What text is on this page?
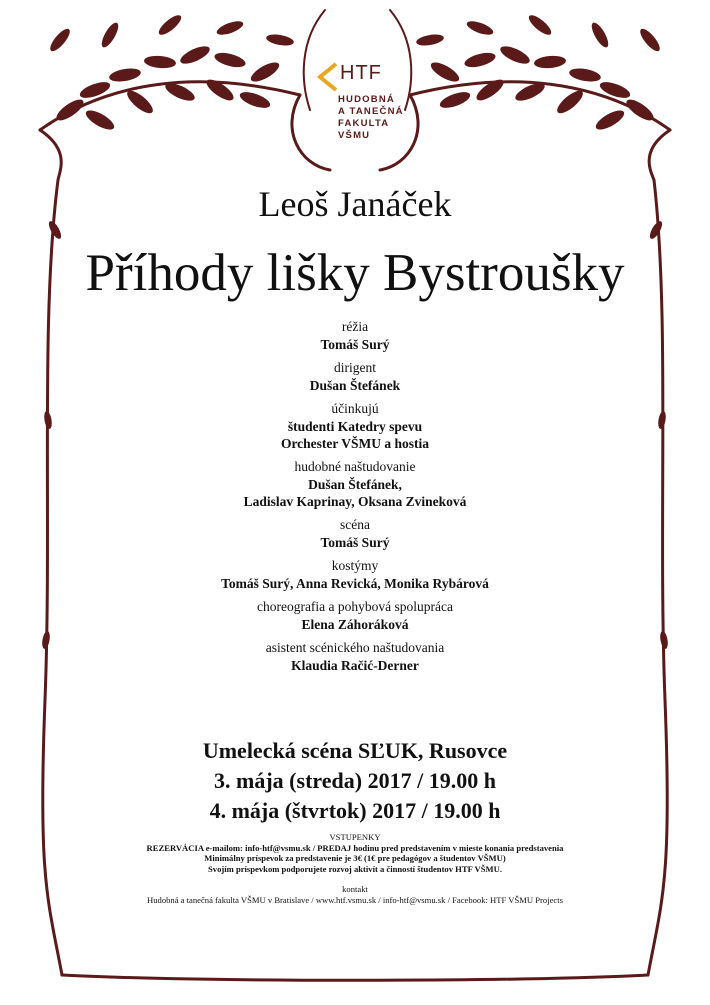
HTF
HUDOBNÁ
A TANEČNÁ
FAKULTA
VŠMU
Leoš Janáček
Příhody lišky Bystroušky
réžia
Tomáš Surý
dirigent
Dušan Štefánek
účinkujú
študenti Katedry spevu
Orchester VŠMU a hostia
hudobné naštudovanie
Dušan Štefánek,
Ladislav Kaprinay, Oksana Zvineková
scéna
Tomáš Surý
kostýmy
Tomáš Surý, Anna Revická, Monika Rybárová
choreografia a pohybová spolupráca
Elena Záhoráková
asistent scénického naštudovania
Klaudia Račić-Derner
Umelecká scéna SĽUK, Rusovce
3. mája (streda) 2017 / 19.00 h
4. mája (štvrtok) 2017 / 19.00 h
VSTUPENKY
REZERVÁCIA e-mailom: info-htf@vsmu.sk / PREDAJ hodinu pred predstavením v mieste konania predstavenia
Minimálny príspevok za predstavenie je 3€ (1€ pre pedagógov a študentov VŠMU)
Svojím príspevkom podporujete rozvoj aktivít a činností študentov HTF VŠMU.
kontakt
Hudobná a tanečná fakulta VŠMU v Bratislave / www.htf.vsmu.sk / info-htf@vsmu.sk / Facebook: HTF VŠMU Projects
